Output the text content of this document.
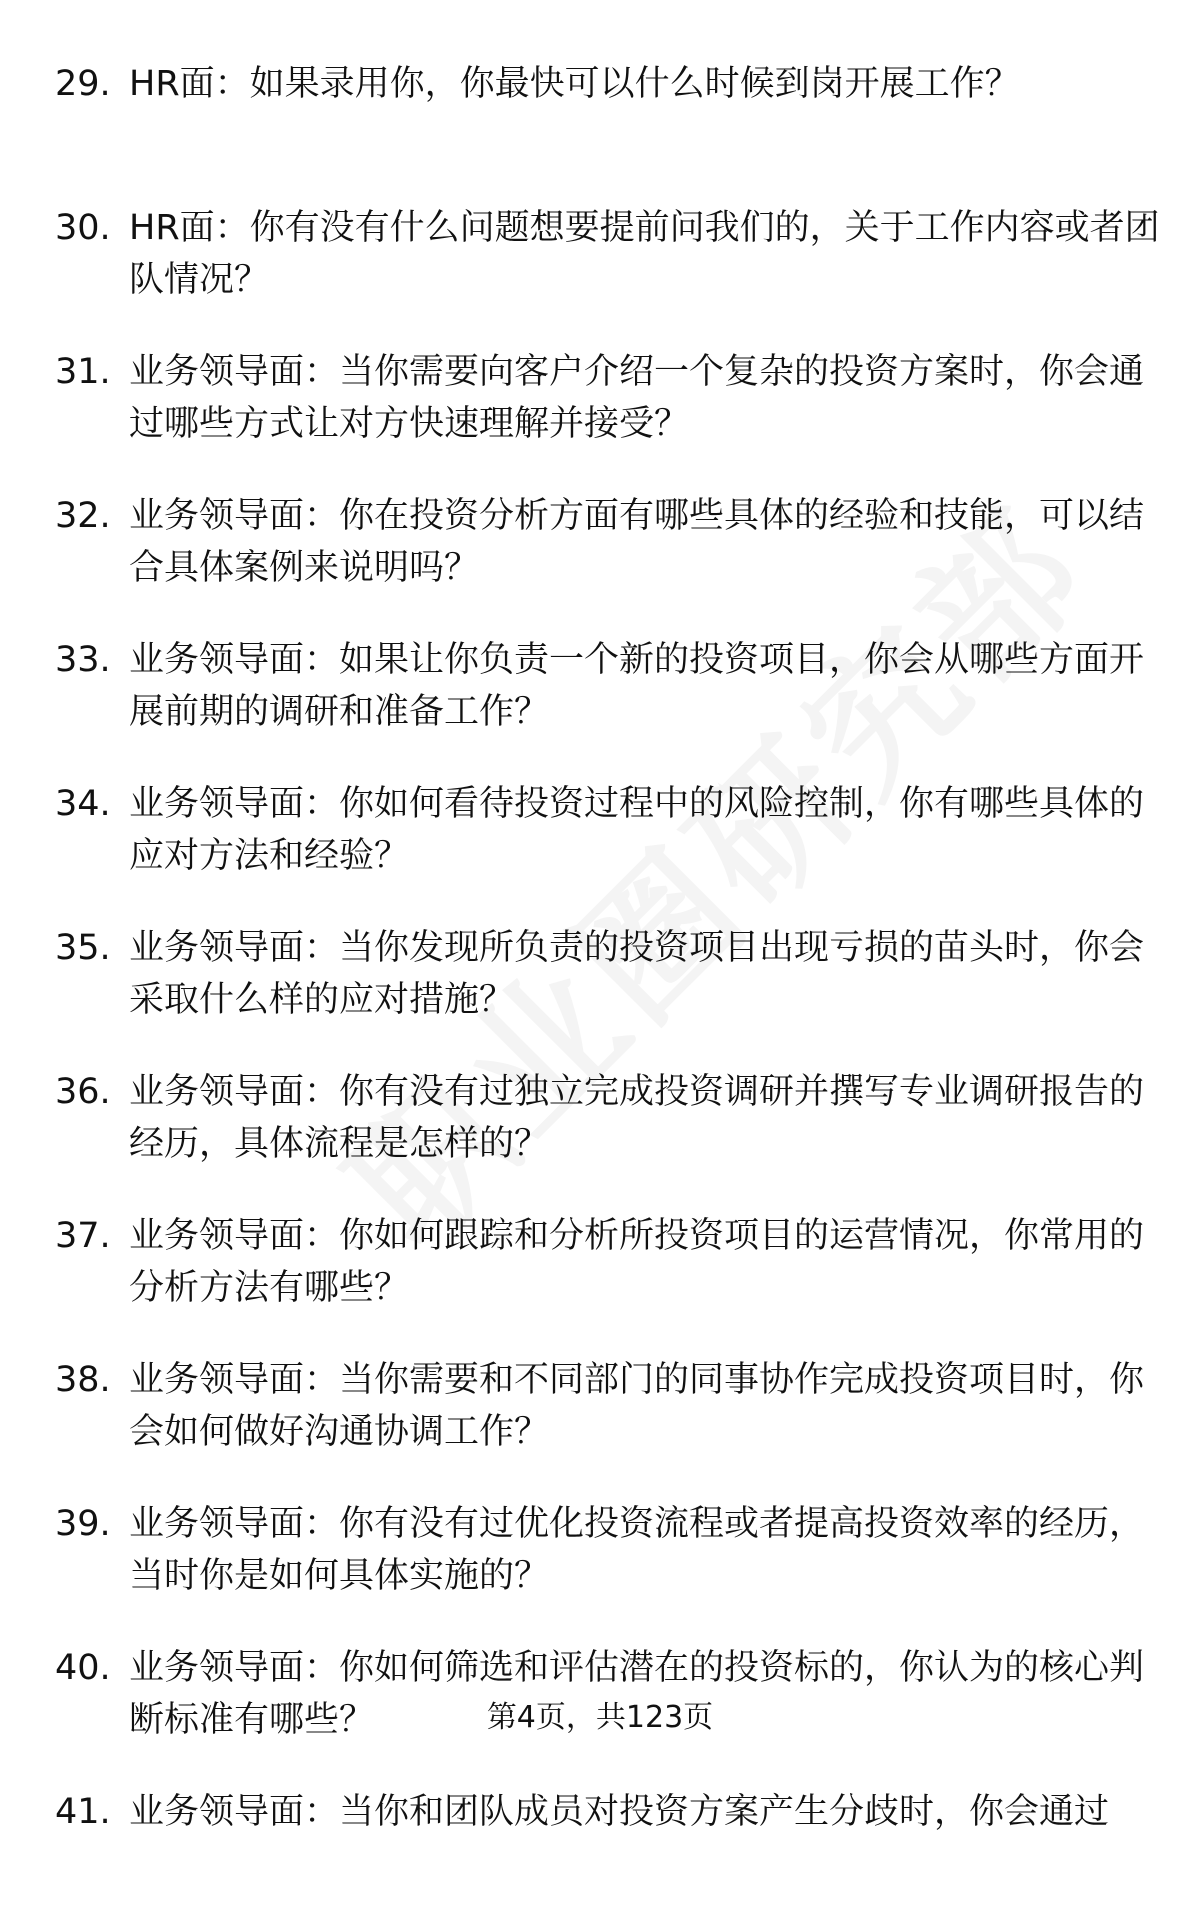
29. HR面：如果录用你，你最快可以什么时候到岗开展工作？
30. HR面：你有没有什么问题想要提前问我们的，关于工作内容或者团队情况？
31. 业务领导面：当你需要向客户介绍一个复杂的投资方案时，你会通过哪些方式让对方快速理解并接受？
32. 业务领导面：你在投资分析方面有哪些具体的经验和技能，可以结合具体案例来说明吗？
33. 业务领导面：如果让你负责一个新的投资项目，你会从哪些方面开展前期的调研和准备工作？
34. 业务领导面：你如何看待投资过程中的风险控制，你有哪些具体的应对方法和经验？
35. 业务领导面：当你发现所负责的投资项目出现亏损的苗头时，你会采取什么样的应对措施？
36. 业务领导面：你有没有过独立完成投资调研并撰写专业调研报告的经历，具体流程是怎样的？
37. 业务领导面：你如何跟踪和分析所投资项目的运营情况，你常用的分析方法有哪些？
38. 业务领导面：当你需要和不同部门的同事协作完成投资项目时，你会如何做好沟通协调工作？
39. 业务领导面：你有没有过优化投资流程或者提高投资效率的经历，当时你是如何具体实施的？
40. 业务领导面：你如何筛选和评估潜在的投资标的，你认为的核心判断标准有哪些？
41. 业务领导面：当你和团队成员对投资方案产生分歧时，你会通过
第4页，共123页
